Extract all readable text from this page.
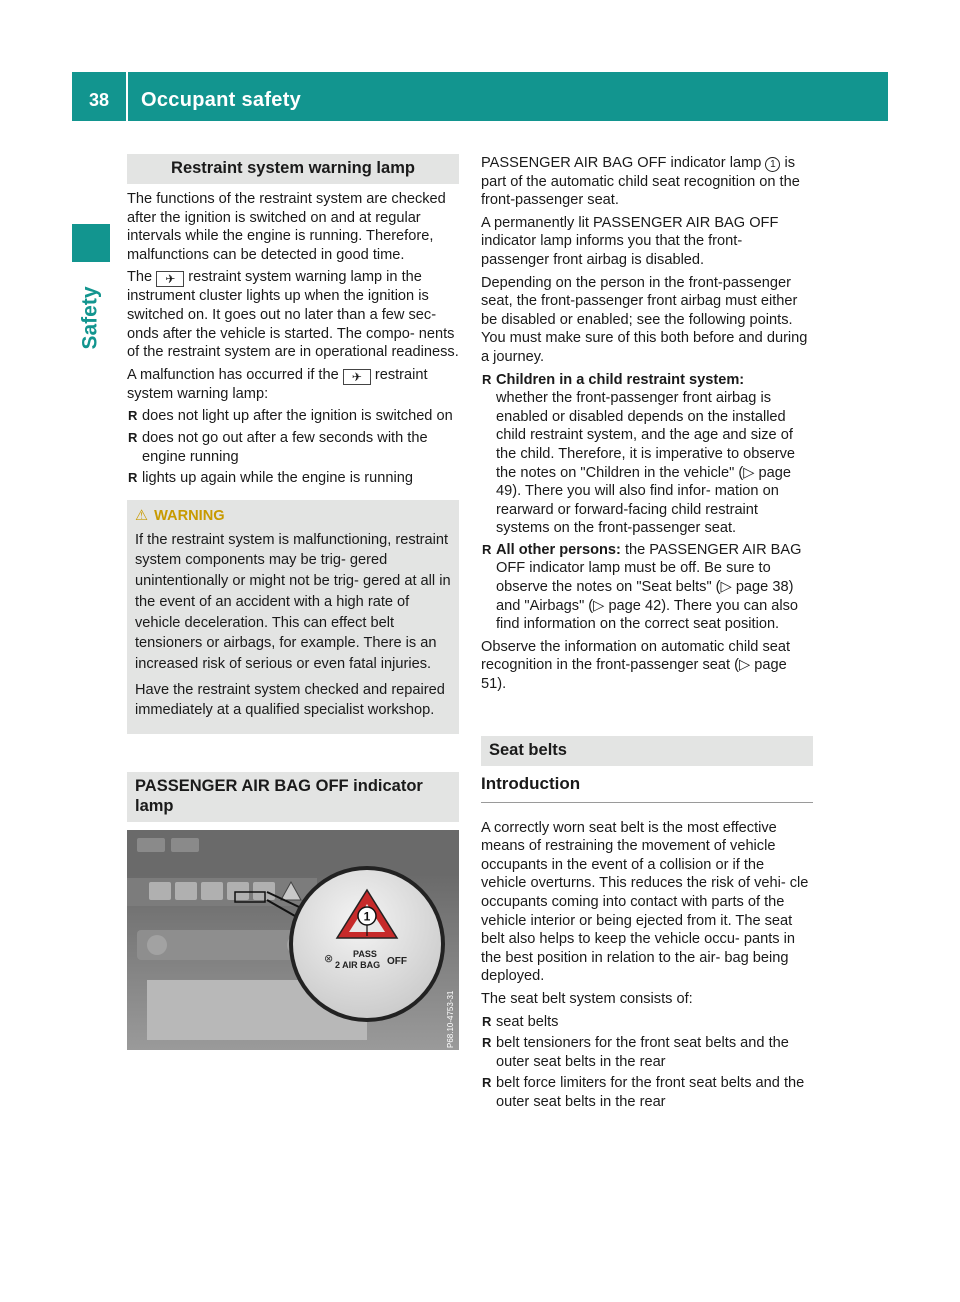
38	Occupant safety
Safety
Restraint system warning lamp

The functions of the restraint system are checked after the ignition is switched on and at regular intervals while the engine is running. Therefore, malfunctions can be detected in good time.

The ✈ restraint system warning lamp in the instrument cluster lights up when the ignition is switched on. It goes out no later than a few sec- onds after the vehicle is started. The compo- nents of the restraint system are in operational readiness.

A malfunction has occurred if the ✈ restraint system warning lamp:

R does not light up after the ignition is switched on
R does not go out after a few seconds with the engine running
R lights up again while the engine is running
⚠ WARNING

If the restraint system is malfunctioning, restraint system components may be trig- gered unintentionally or might not be trig- gered at all in the event of an accident with a high rate of vehicle deceleration. This can effect belt tensioners or airbags, for example. There is an increased risk of serious or even fatal injuries.

Have the restraint system checked and repaired immediately at a qualified specialist workshop.

PASSENGER AIR BAG OFF indicator lamp
1
PASS
2 AIR BAG OFF
⊗
P68.10-4753-31

PASSENGER AIR BAG OFF indicator lamp 1 is part of the automatic child seat recognition on the front-passenger seat.

A permanently lit PASSENGER AIR BAG OFF indicator lamp informs you that the front- passenger front airbag is disabled.

Depending on the person in the front-passenger seat, the front-passenger front airbag must either be disabled or enabled; see the following points. You must make sure of this both before and during a journey.

R Children in a child restraint system:
whether the front-passenger front airbag is enabled or disabled depends on the installed child restraint system, and the age and size of the child. Therefore, it is imperative to observe the notes on "Children in the vehicle" (▷ page 49). There you will also find infor- mation on rearward or forward-facing child restraint systems on the front-passenger seat.
R All other persons: the PASSENGER AIR BAG OFF indicator lamp must be off. Be sure to observe the notes on "Seat belts" (▷ page 38) and "Airbags" (▷ page 42). There you can also find information on the correct seat position.

Observe the information on automatic child seat recognition in the front-passenger seat (▷ page 51).

Seat belts
Introduction

A correctly worn seat belt is the most effective means of restraining the movement of vehicle occupants in the event of a collision or if the vehicle overturns. This reduces the risk of vehi- cle occupants coming into contact with parts of the vehicle interior or being ejected from it. The seat belt also helps to keep the vehicle occu- pants in the best position in relation to the air- bag being deployed.

The seat belt system consists of:

R seat belts
R belt tensioners for the front seat belts and the outer seat belts in the rear
R belt force limiters for the front seat belts and the outer seat belts in the rear
